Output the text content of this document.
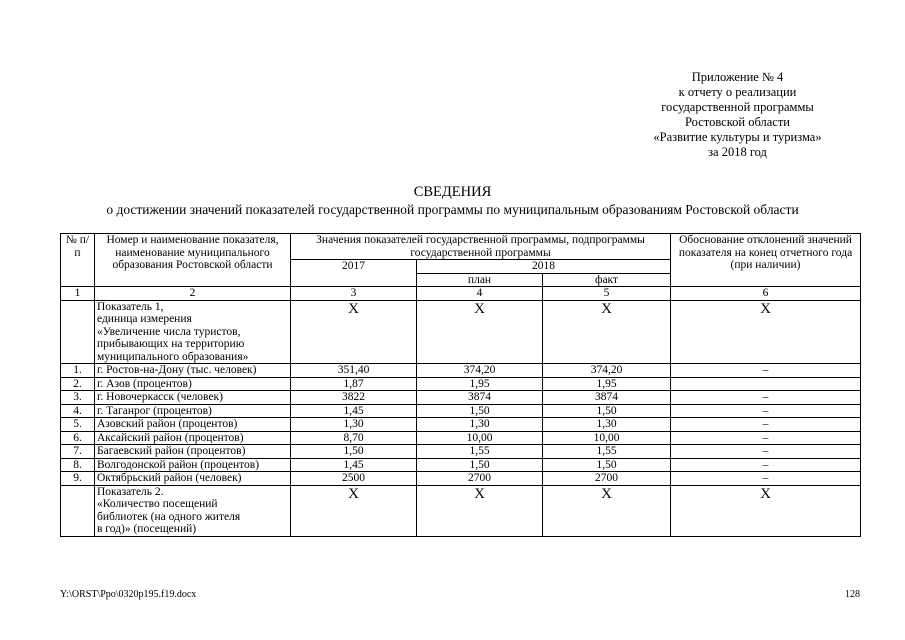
Приложение № 4
к отчету о реализации
государственной программы
Ростовской области
«Развитие культуры и туризма»
за 2018 год
СВЕДЕНИЯ
о достижении значений показателей государственной программы по муниципальным образованиям Ростовской области
№ п/п	Номер и наименование показателя, наименование муниципального образования Ростовской области	Значения показателей государственной программы, подпрограммы государственной программы			Обоснование отклонений значений показателя на конец отчетного года (при наличии)
		2017	2018		
			план	факт	
1	2	3	4	5	6

	Показатель 1,
единица измерения
«Увеличение числа туристов,
прибывающих на территорию
муниципального образования»	X	X	X	X
1.	г. Ростов-на-Дону (тыс. человек)	351,40	374,20	374,20	–
2.	г. Азов (процентов)	1,87	1,95	1,95	
3.	г. Новочеркасск (человек)	3822	3874	3874	–
4.	г. Таганрог (процентов)	1,45	1,50	1,50	–
5.	Азовский район (процентов)	1,30	1,30	1,30	–
6.	Аксайский район (процентов)	8,70	10,00	10,00	–
7.	Багаевский район (процентов)	1,50	1,55	1,55	–
8.	Волгодонской район (процентов)	1,45	1,50	1,50	–
9.	Октябрьский район (человек)	2500	2700	2700	–

	Показатель 2.
«Количество посещений
библиотек (на одного жителя
в год)» (посещений)	X	X	X	X
Y:\ORST\Ppo\0320p195.f19.docx	128
